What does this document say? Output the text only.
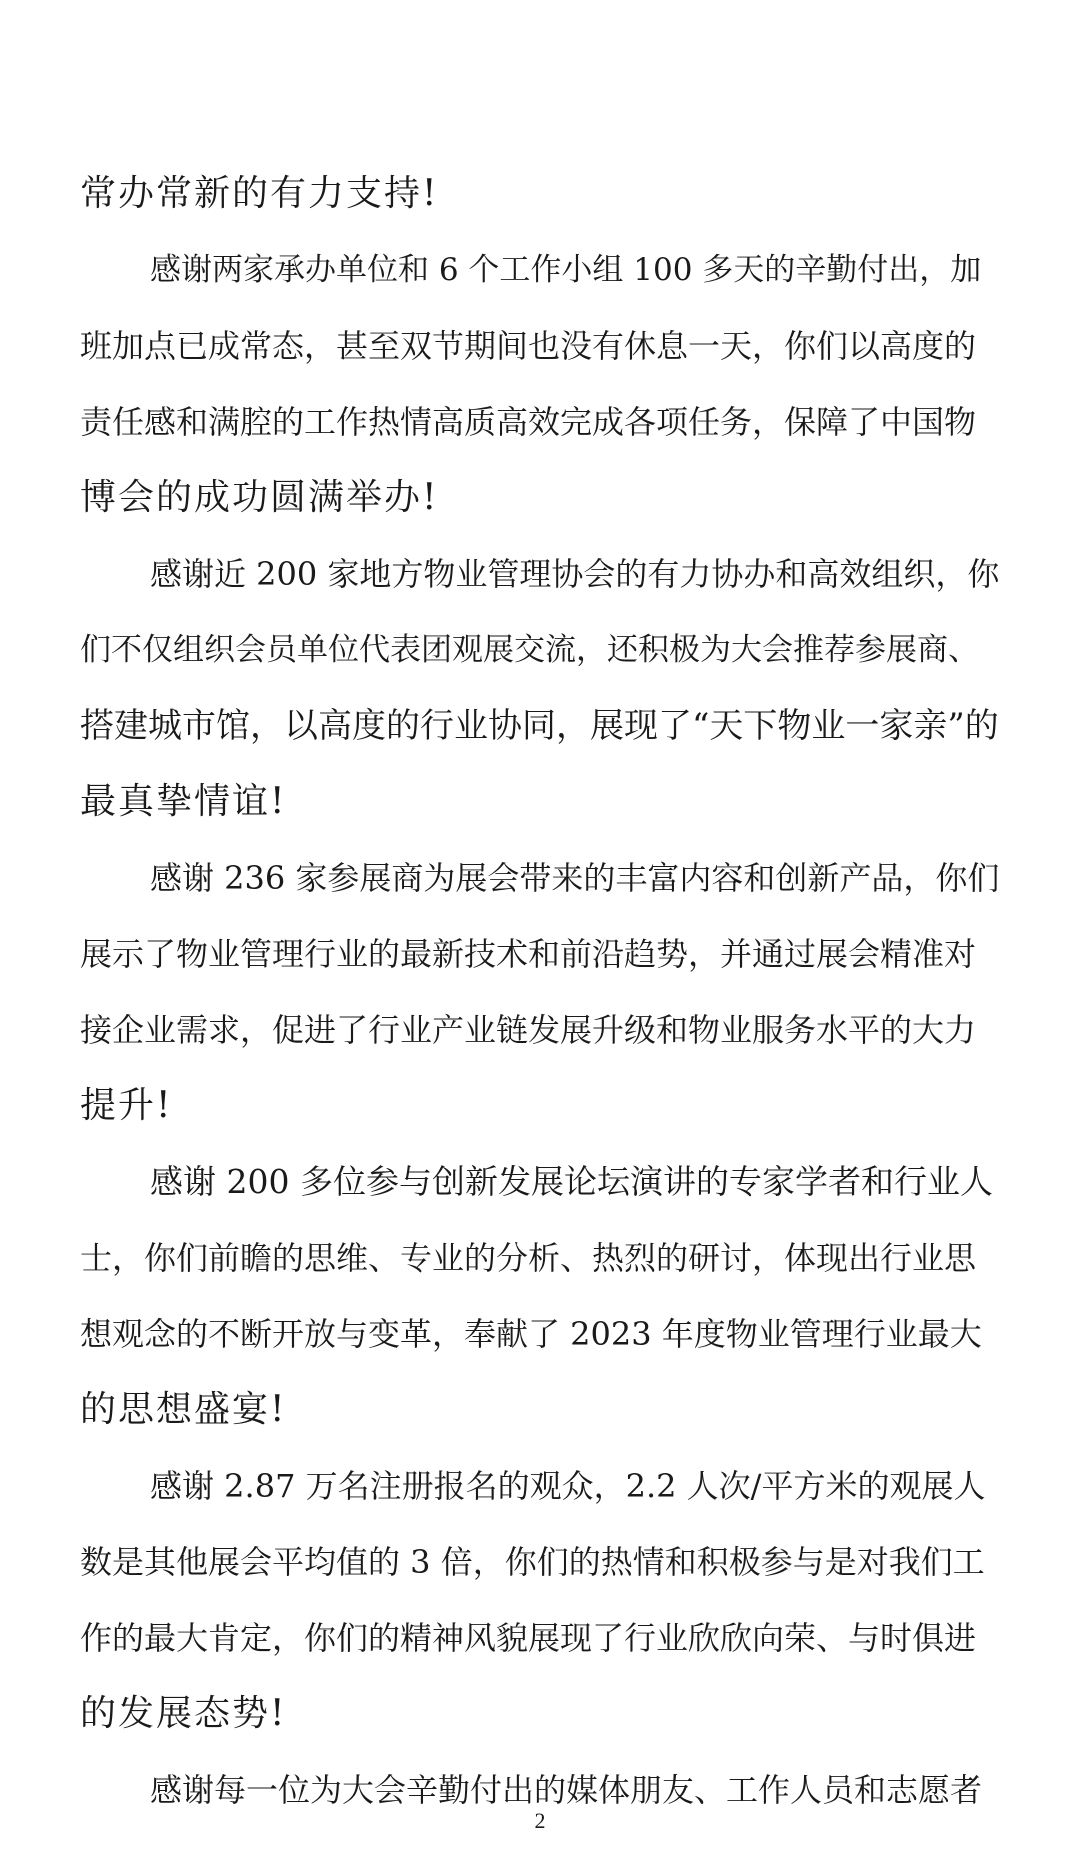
常办常新的有力支持!
感谢两家承办单位和 6 个工作小组 100 多天的辛勤付出，加
班加点已成常态，甚至双节期间也没有休息一天，你们以高度的
责任感和满腔的工作热情高质高效完成各项任务，保障了中国物
博会的成功圆满举办!
感谢近 200 家地方物业管理协会的有力协办和高效组织，你
们不仅组织会员单位代表团观展交流，还积极为大会推荐参展商、
搭建城市馆，以高度的行业协同，展现了“天下物业一家亲”的
最真挚情谊!
感谢 236 家参展商为展会带来的丰富内容和创新产品，你们
展示了物业管理行业的最新技术和前沿趋势，并通过展会精准对
接企业需求，促进了行业产业链发展升级和物业服务水平的大力
提升!
感谢 200 多位参与创新发展论坛演讲的专家学者和行业人
士，你们前瞻的思维、专业的分析、热烈的研讨，体现出行业思
想观念的不断开放与变革，奉献了 2023 年度物业管理行业最大
的思想盛宴!
感谢 2.87 万名注册报名的观众，2.2 人次/平方米的观展人
数是其他展会平均值的 3 倍，你们的热情和积极参与是对我们工
作的最大肯定，你们的精神风貌展现了行业欣欣向荣、与时俱进
的发展态势!
感谢每一位为大会辛勤付出的媒体朋友、工作人员和志愿者
2
